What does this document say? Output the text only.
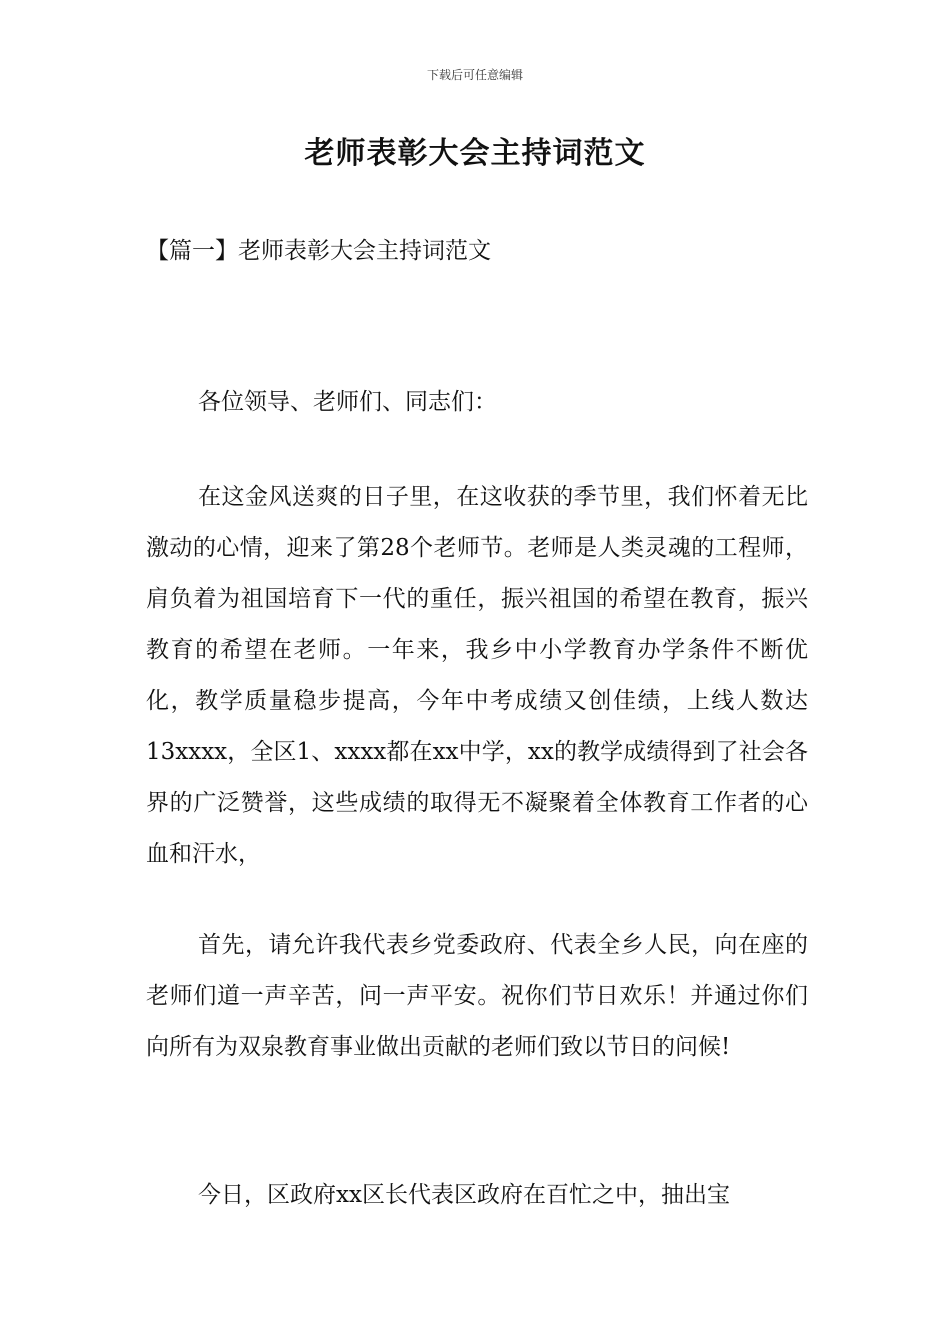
下载后可任意编辑
老师表彰大会主持词范文
【篇一】老师表彰大会主持词范文

各位领导、老师们、同志们：

在这金风送爽的日子里，在这收获的季节里，我们怀着无比激动的心情，迎来了第28个老师节。老师是人类灵魂的工程师，肩负着为祖国培育下一代的重任，振兴祖国的希望在教育，振兴教育的希望在老师。一年来，我乡中小学教育办学条件不断优化，教学质量稳步提高，今年中考成绩又创佳绩，上线人数达13xxxx，全区1、xxxx都在xx中学，xx的教学成绩得到了社会各界的广泛赞誉，这些成绩的取得无不凝聚着全体教育工作者的心血和汗水，

首先，请允许我代表乡党委政府、代表全乡人民，向在座的老师们道一声辛苦，问一声平安。祝你们节日欢乐！并通过你们向所有为双泉教育事业做出贡献的老师们致以节日的问候!

今日，区政府xx区长代表区政府在百忙之中，抽出宝
